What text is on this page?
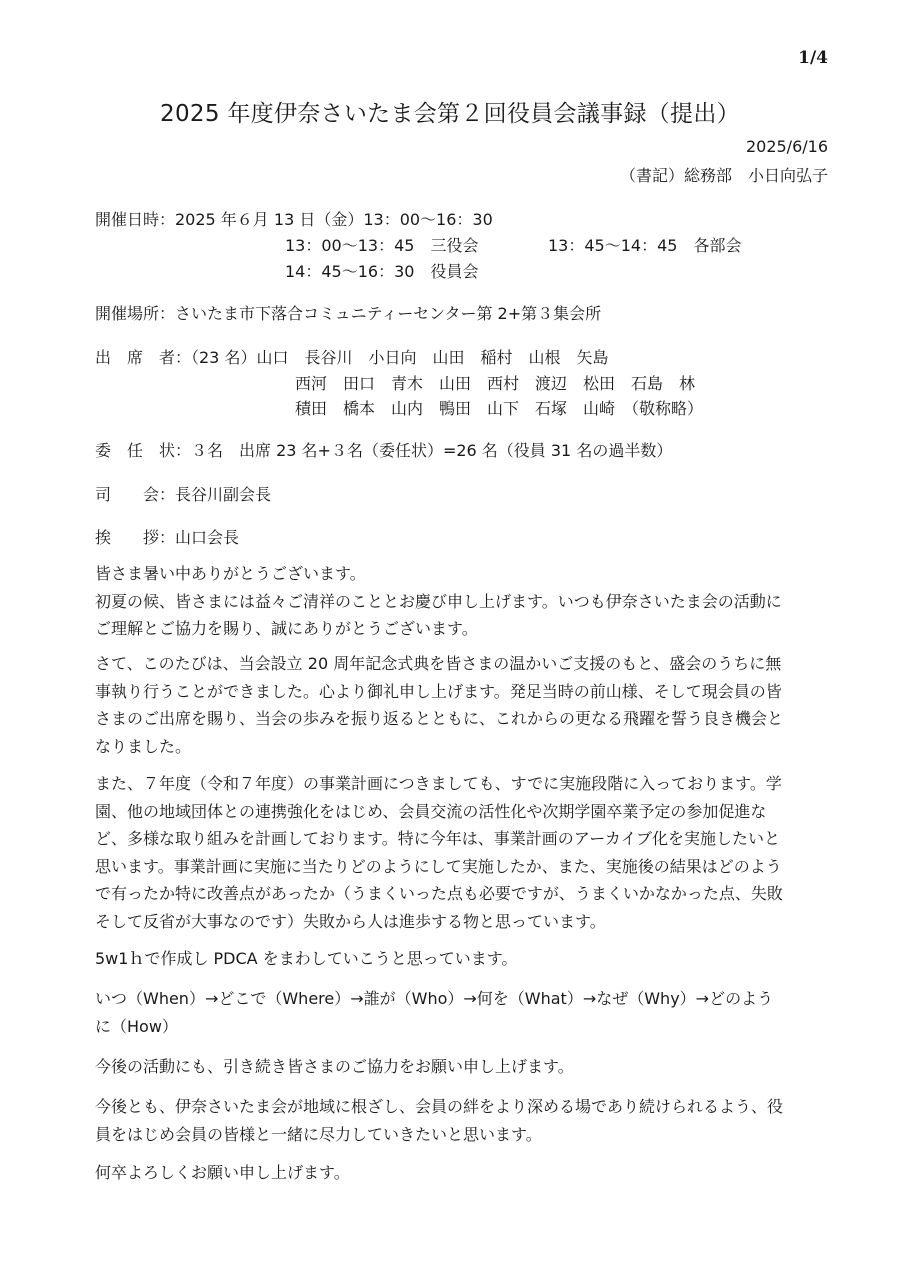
1/4
2025 年度伊奈さいたま会第２回役員会議事録（提出）
2025/6/16
（書記）総務部　小日向弘子
開催日時：2025 年６月 13 日（金）13：00～16：30
13：00～13：45　三役会	13：45～14：45　各部会
14：45～16：30　役員会
開催場所：さいたま市下落合コミュニティーセンター第 2+第３集会所
出　席　者：（23 名）山口　長谷川　小日向　山田　稲村　山根　矢島
西河　田口　青木　山田　西村　渡辺　松田　石島　林
積田　橋本　山内　鴨田　山下　石塚　山崎　（敬称略）
委　任　状：３名　出席 23 名+３名（委任状）=26 名（役員 31 名の過半数）
司　　会：長谷川副会長
挨　　拶：山口会長
皆さま暑い中ありがとうございます。
初夏の候、皆さまには益々ご清祥のこととお慶び申し上げます。いつも伊奈さいたま会の活動に
ご理解とご協力を賜り、誠にありがとうございます。
さて、このたびは、当会設立 20 周年記念式典を皆さまの温かいご支援のもと、盛会のうちに無
事執り行うことができました。心より御礼申し上げます。発足当時の前山様、そして現会員の皆
さまのご出席を賜り、当会の歩みを振り返るとともに、これからの更なる飛躍を誓う良き機会と
なりました。
また、７年度（令和７年度）の事業計画につきましても、すでに実施段階に入っております。学
園、他の地域団体との連携強化をはじめ、会員交流の活性化や次期学園卒業予定の参加促進な
ど、多様な取り組みを計画しております。特に今年は、事業計画のアーカイブ化を実施したいと
思います。事業計画に実施に当たりどのようにして実施したか、また、実施後の結果はどのよう
で有ったか特に改善点があったか（うまくいった点も必要ですが、うまくいかなかった点、失敗
そして反省が大事なのです）失敗から人は進歩する物と思っています。
5w1ｈで作成し PDCA をまわしていこうと思っています。
いつ（When）→どこで（Where）→誰が（Who）→何を（What）→なぜ（Why）→どのよう
に（How）
今後の活動にも、引き続き皆さまのご協力をお願い申し上げます。
今後とも、伊奈さいたま会が地域に根ざし、会員の絆をより深める場であり続けられるよう、役
員をはじめ会員の皆様と一緒に尽力していきたいと思います。
何卒よろしくお願い申し上げます。
